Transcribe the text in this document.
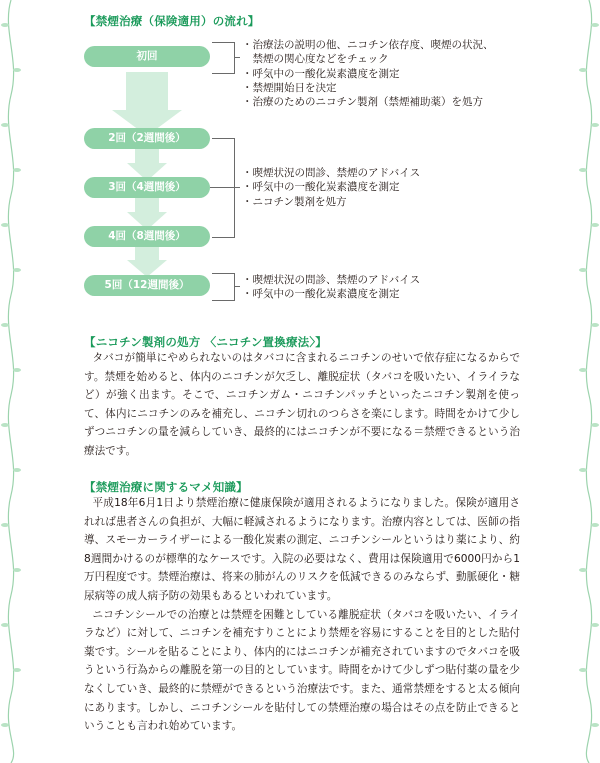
【禁煙治療（保険適用）の流れ】
初回
2回（2週間後）
3回（4週間後）
4回（8週間後）
5回（12週間後）
・治療法の説明の他、ニコチン依存度、喫煙の状況、
　禁煙の関心度などをチェック
・呼気中の一酸化炭素濃度を測定
・禁煙開始日を決定
・治療のためのニコチン製剤（禁煙補助薬）を処方
・喫煙状況の問診、禁煙のアドバイス
・呼気中の一酸化炭素濃度を測定
・ニコチン製剤を処方
・喫煙状況の問診、禁煙のアドバイス
・呼気中の一酸化炭素濃度を測定
【ニコチン製剤の処方 〈ニコチン置換療法〉】

タバコが簡単にやめられないのはタバコに含まれるニコチンのせいで依存症になるからです。禁煙を始めると、体内のニコチンが欠乏し、離脱症状（タバコを吸いたい、イライラなど）が強く出ます。そこで、ニコチンガム・ニコチンパッチといったニコチン製剤を使って、体内にニコチンのみを補充し、ニコチン切れのつらさを楽にします。時間をかけて少しずつニコチンの量を減らしていき、最終的にはニコチンが不要になる＝禁煙できるという治療法です。

【禁煙治療に関するマメ知識】

平成18年6月1日より禁煙治療に健康保険が適用されるようになりました。保険が適用されれば患者さんの負担が、大幅に軽減されるようになります。治療内容としては、医師の指導、スモーカーライザーによる一酸化炭素の測定、ニコチンシールというはり薬により、約8週間かけるのが標準的なケースです。入院の必要はなく、費用は保険適用で6000円から1万円程度です。禁煙治療は、将来の肺がんのリスクを低減できるのみならず、動脈硬化・糖尿病等の成人病予防の効果もあるといわれています。

ニコチンシールでの治療とは禁煙を困難としている離脱症状（タバコを吸いたい、イライラなど）に対して、ニコチンを補充すりことにより禁煙を容易にすることを目的とした貼付薬です。シールを貼ることにより、体内的にはニコチンが補充されていますのでタバコを吸うという行為からの離脱を第一の目的としています。時間をかけて少しずつ貼付薬の量を少なくしていき、最終的に禁煙ができるという治療法です。また、通常禁煙をすると太る傾向にあります。しかし、ニコチンシールを貼付しての禁煙治療の場合はその点を防止できるということも言われ始めています。
